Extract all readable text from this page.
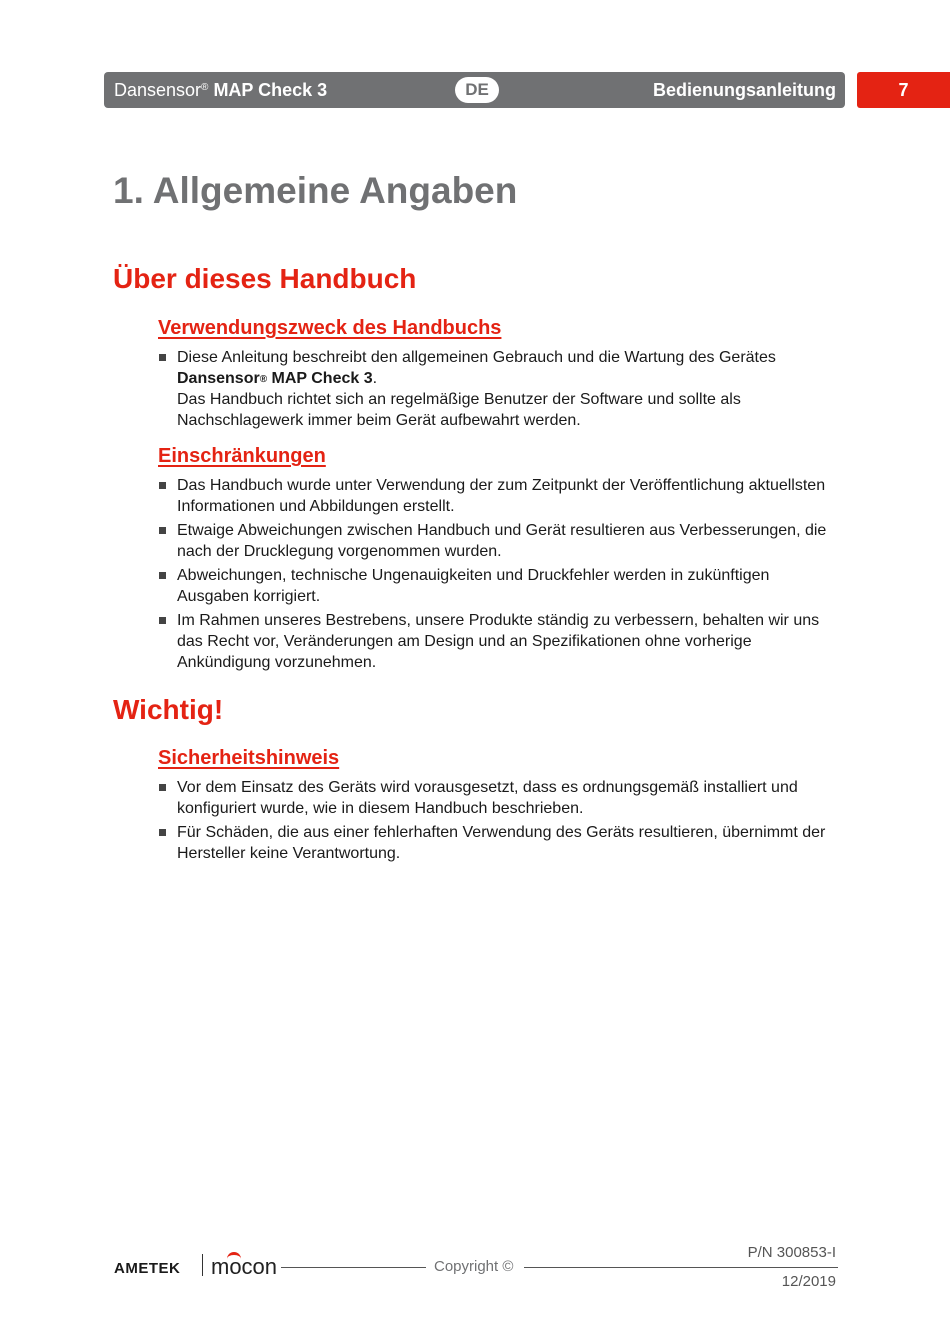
Dansensor® MAP Check 3	DE	Bedienungsanleitung	7
1. Allgemeine Angaben
Über dieses Handbuch
Verwendungszweck des Handbuchs
Diese Anleitung beschreibt den allgemeinen Gebrauch und die Wartung des Gerätes
Dansensor® MAP Check 3.
Das Handbuch richtet sich an regelmäßige Benutzer der Software und sollte als Nachschlagewerk immer beim Gerät aufbewahrt werden.
Einschränkungen
Das Handbuch wurde unter Verwendung der zum Zeitpunkt der Veröffentlichung aktuellsten Informationen und Abbildungen erstellt.
Etwaige Abweichungen zwischen Handbuch und Gerät resultieren aus Verbesserungen, die nach der Drucklegung vorgenommen wurden.
Abweichungen, technische Ungenauigkeiten und Druckfehler werden in zukünftigen Ausgaben korrigiert.
Im Rahmen unseres Bestrebens, unsere Produkte ständig zu verbessern, behalten wir uns das Recht vor, Veränderungen am Design und an Spezifikationen ohne vorherige Ankündigung vorzunehmen.
Wichtig!
Sicherheitshinweis
Vor dem Einsatz des Geräts wird vorausgesetzt, dass es ordnungsgemäß installiert und konfiguriert wurde, wie in diesem Handbuch beschrieben.
Für Schäden, die aus einer fehlerhaften Verwendung des Geräts resultieren, übernimmt der Hersteller keine Verantwortung.
AMETEK mocon	Copyright ©
P/N 300853-I
12/2019
